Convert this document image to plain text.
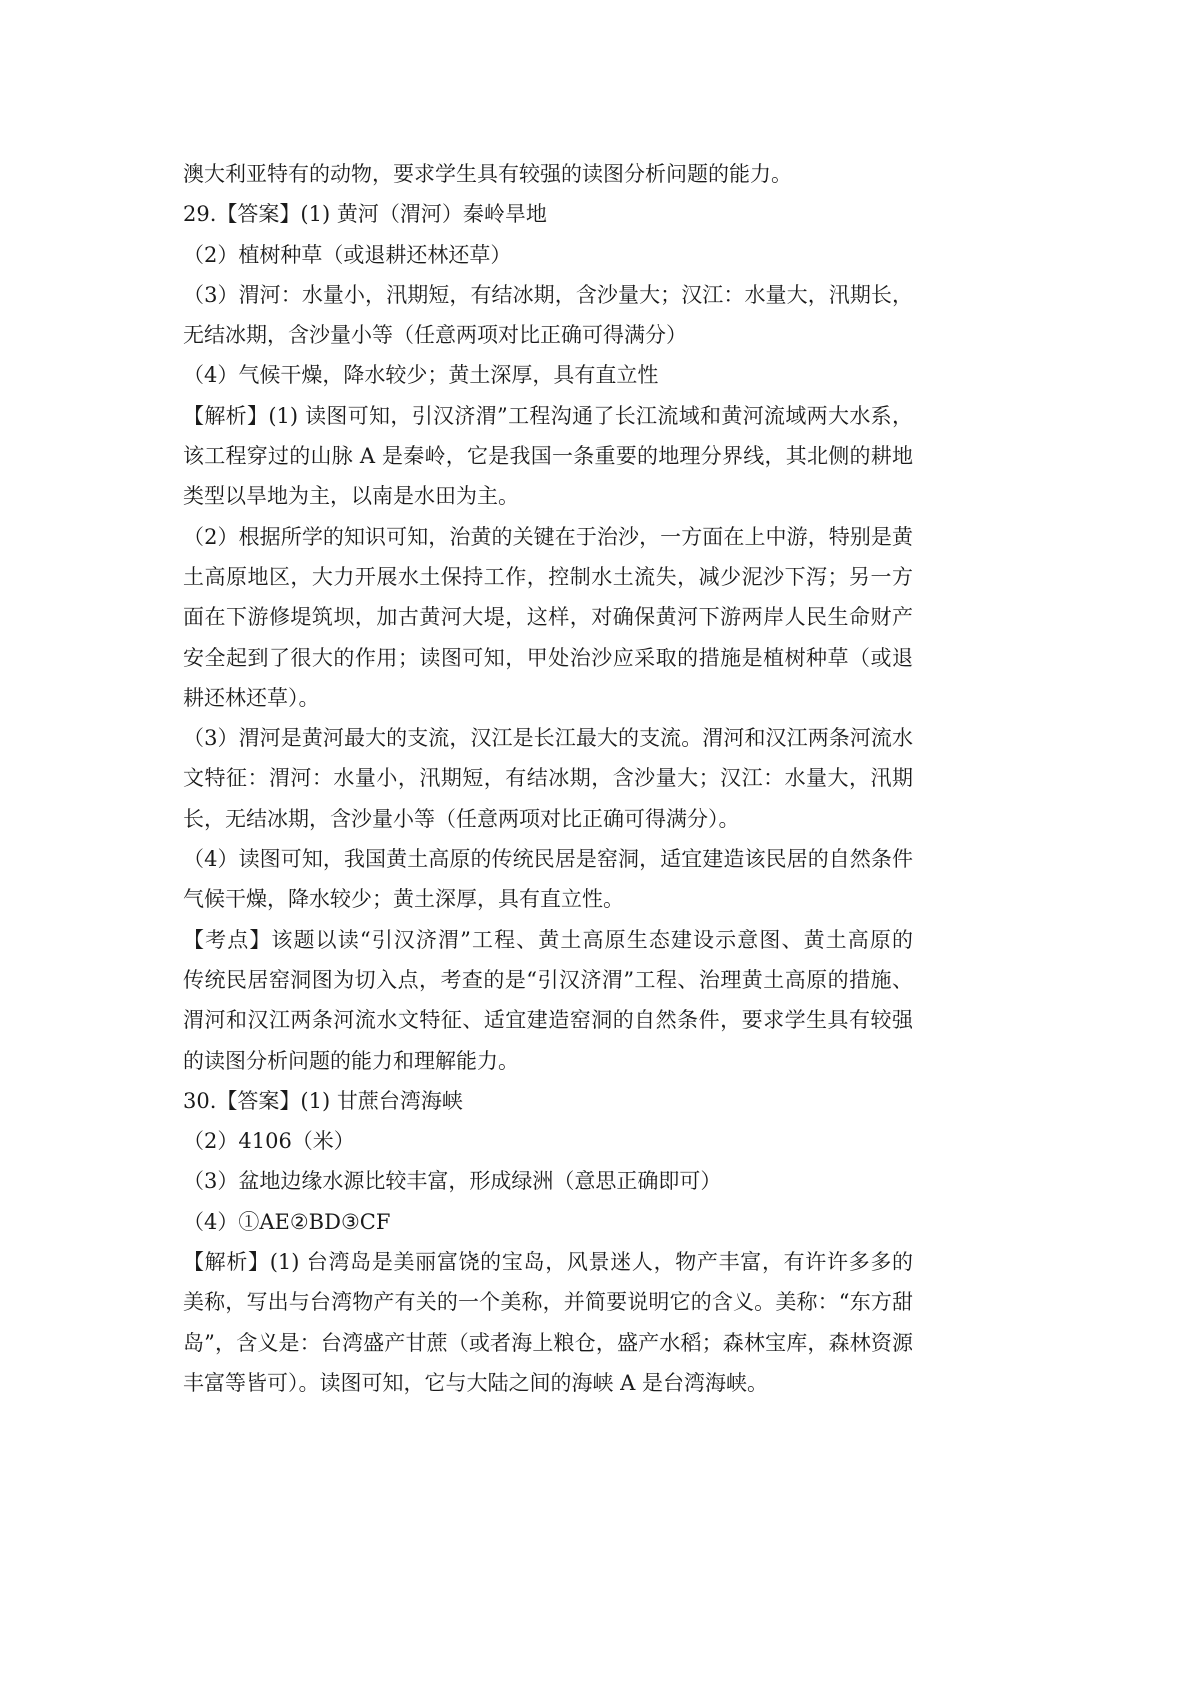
澳大利亚特有的动物，要求学生具有较强的读图分析问题的能力。
29.【答案】(1) 黄河（渭河）秦岭旱地
（2）植树种草（或退耕还林还草）
（3）渭河：水量小，汛期短，有结冰期，含沙量大；汉江：水量大，汛期长，
无结冰期，含沙量小等（任意两项对比正确可得满分）
（4）气候干燥，降水较少；黄土深厚，具有直立性
【解析】(1) 读图可知，引汉济渭”工程沟通了长江流域和黄河流域两大水系，
该工程穿过的山脉 A 是秦岭，它是我国一条重要的地理分界线，其北侧的耕地
类型以旱地为主，以南是水田为主。
（2）根据所学的知识可知，治黄的关键在于治沙，一方面在上中游，特别是黄
土高原地区，大力开展水土保持工作，控制水土流失，减少泥沙下泻；另一方
面在下游修堤筑坝，加古黄河大堤，这样，对确保黄河下游两岸人民生命财产
安全起到了很大的作用；读图可知，甲处治沙应采取的措施是植树种草（或退
耕还林还草）。
（3）渭河是黄河最大的支流，汉江是长江最大的支流。渭河和汉江两条河流水
文特征：渭河：水量小，汛期短，有结冰期，含沙量大；汉江：水量大，汛期
长，无结冰期，含沙量小等（任意两项对比正确可得满分）。
（4）读图可知，我国黄土高原的传统民居是窑洞，适宜建造该民居的自然条件
气候干燥，降水较少；黄土深厚，具有直立性。
【考点】该题以读“引汉济渭”工程、黄土高原生态建设示意图、黄土高原的
传统民居窑洞图为切入点，考查的是“引汉济渭”工程、治理黄土高原的措施、
渭河和汉江两条河流水文特征、适宜建造窑洞的自然条件，要求学生具有较强
的读图分析问题的能力和理解能力。
30.【答案】(1) 甘蔗台湾海峡
（2）4106（米）
（3）盆地边缘水源比较丰富，形成绿洲（意思正确即可）
（4）①AE②BD③CF
【解析】(1) 台湾岛是美丽富饶的宝岛，风景迷人，物产丰富，有许许多多的
美称，写出与台湾物产有关的一个美称，并简要说明它的含义。美称：“东方甜
岛”，含义是：台湾盛产甘蔗（或者海上粮仓，盛产水稻；森林宝库，森林资源
丰富等皆可）。读图可知，它与大陆之间的海峡 A 是台湾海峡。
